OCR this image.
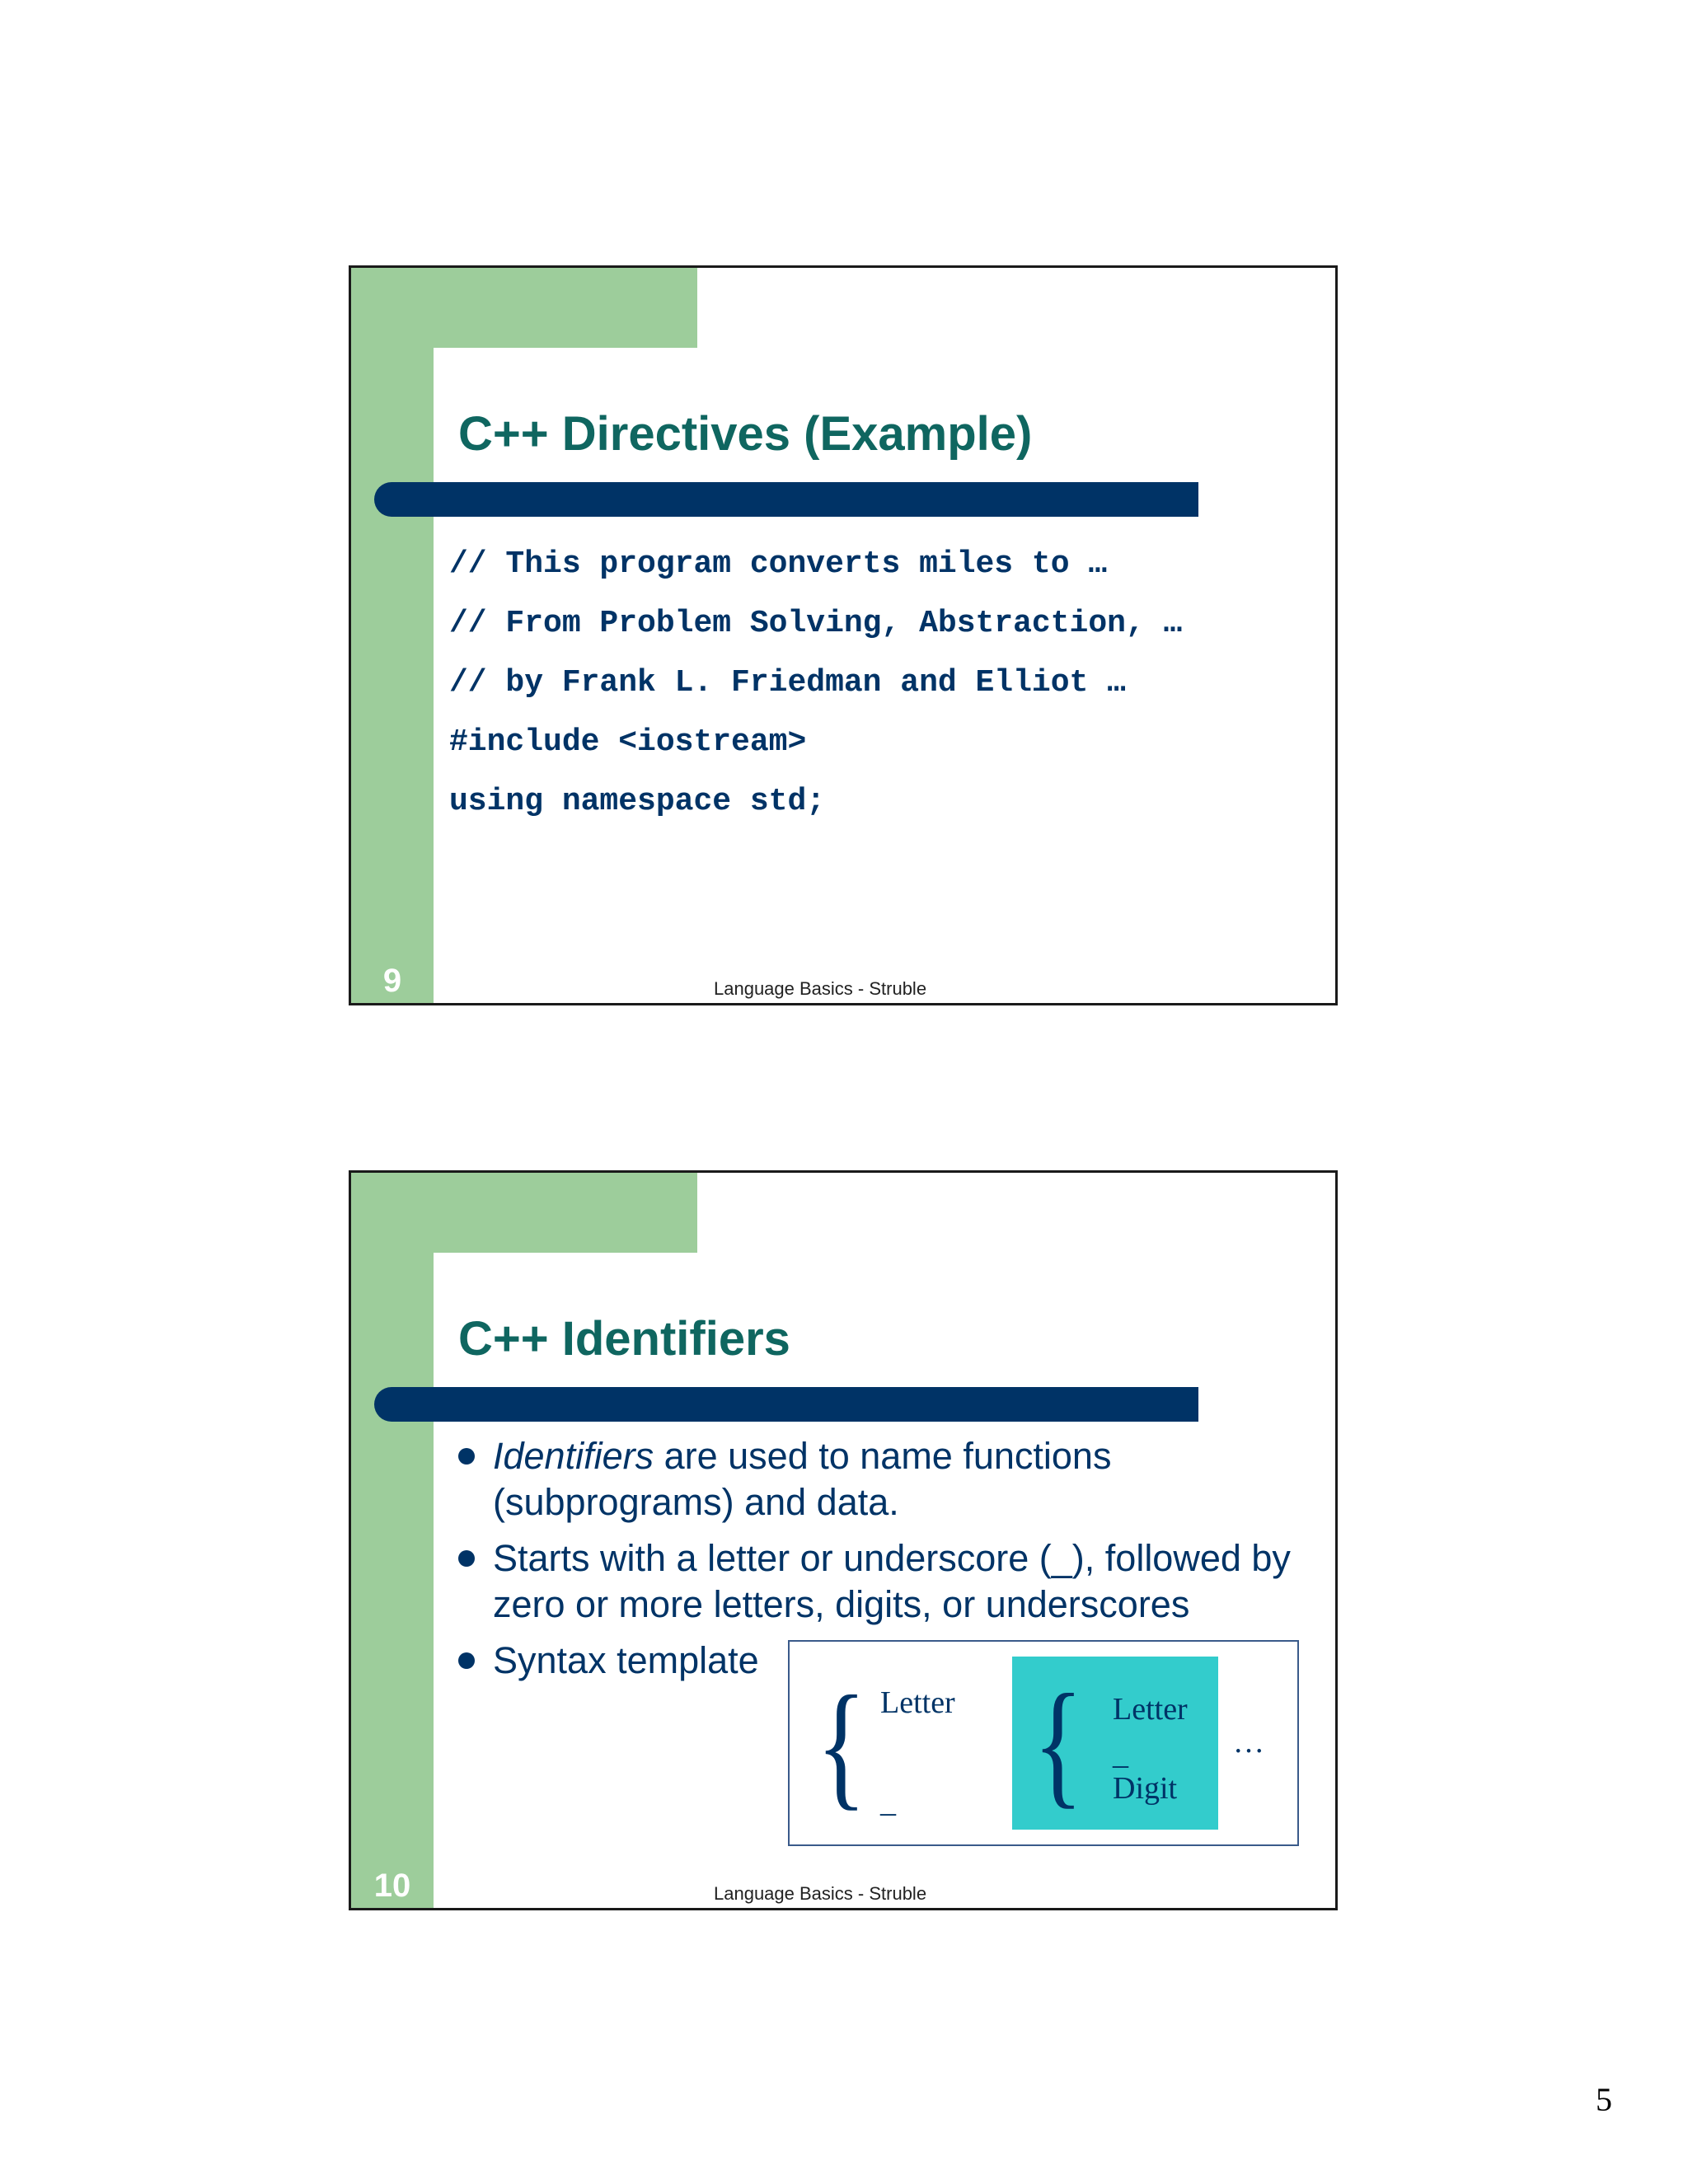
C++ Directives (Example)
// This program converts miles to …
// From Problem Solving, Abstraction, …
// by Frank L. Friedman and Elliot …
#include <iostream>
using namespace std;
9	Language Basics - Struble
C++ Identifiers
Identifiers are used to name functions (subprograms) and data.
Starts with a letter or underscore (_), followed by zero or more letters, digits, or underscores
Syntax template
{ Letter
_ { Letter
_
Digit
…
10	Language Basics - Struble
5
